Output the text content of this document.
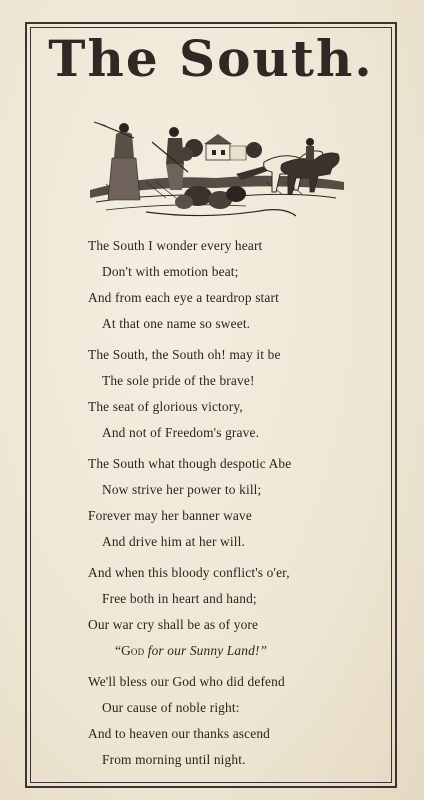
The South.
The South I wonder every heart
Don't with emotion beat;
And from each eye a teardrop start
At that one name so sweet.
The South, the South oh! may it be
The sole pride of the brave!
The seat of glorious victory,
And not of Freedom's grave.
The South what though despotic Abe
Now strive her power to kill;
Forever may her banner wave
And drive him at her will.
And when this bloody conflict's o'er,
Free both in heart and hand;
Our war cry shall be as of yore
“God for our Sunny Land!”
We'll bless our God who did defend
Our cause of noble right:
And to heaven our thanks ascend
From morning until night.
